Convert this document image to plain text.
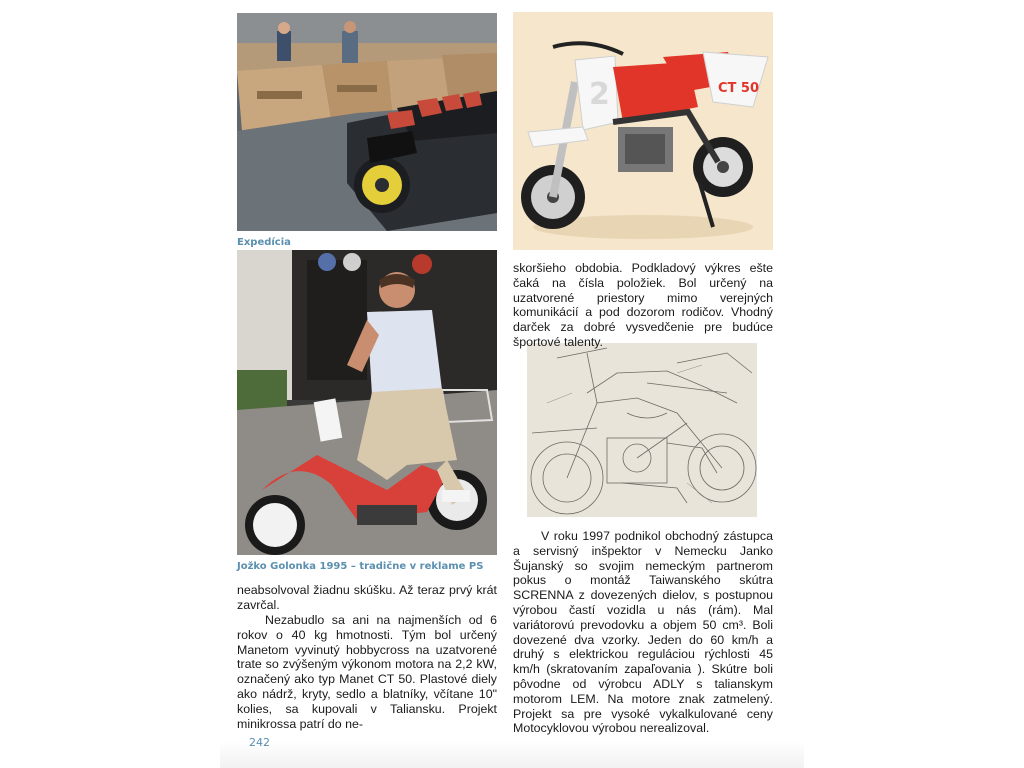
Expedícia
Jožko Golonka 1995 – tradične v reklame PS
2	CT 50

neabsolvoval žiadnu skúšku. Až teraz prvý krát zavrčal.

Nezabudlo sa ani na najmenších od 6 rokov o 40 kg hmotnosti. Tým bol určený Manetom vyvinutý hobbycross na uzatvorené trate so zvýšeným výkonom motora na 2,2 kW, označený ako typ Manet CT 50. Plastové diely ako nádrž, kryty, sedlo a blatníky, včítane 10" kolies, sa kupovali v Taliansku. Projekt minikrossa patrí do ne-

skoršieho obdobia. Podkladový výkres ešte čaká na čísla položiek. Bol určený na uzatvorené priestory mimo verejných komunikácií a pod dozorom rodičov. Vhodný darček za dobré vysvedčenie pre budúce športové talenty.

V roku 1997 podnikol obchodný zástupca a servisný inšpektor v Nemecku Janko Šujanský so svojim nemeckým partnerom pokus o montáž Taiwanského skútra SCRENNA z dovezených dielov, s postupnou výrobou častí vozidla u nás (rám). Mal variátorovú prevodovku a objem 50 cm³. Boli dovezené dva vzorky. Jeden do 60 km/h a druhý s elektrickou reguláciou rýchlosti 45 km/h (skratovaním zapaľovania ). Skútre boli pôvodne od výrobcu ADLY s talianskym motorom LEM. Na motore znak zatmelený. Projekt sa pre vysoké vykalkulované ceny Motocyklovou výrobou nerealizoval.

242
